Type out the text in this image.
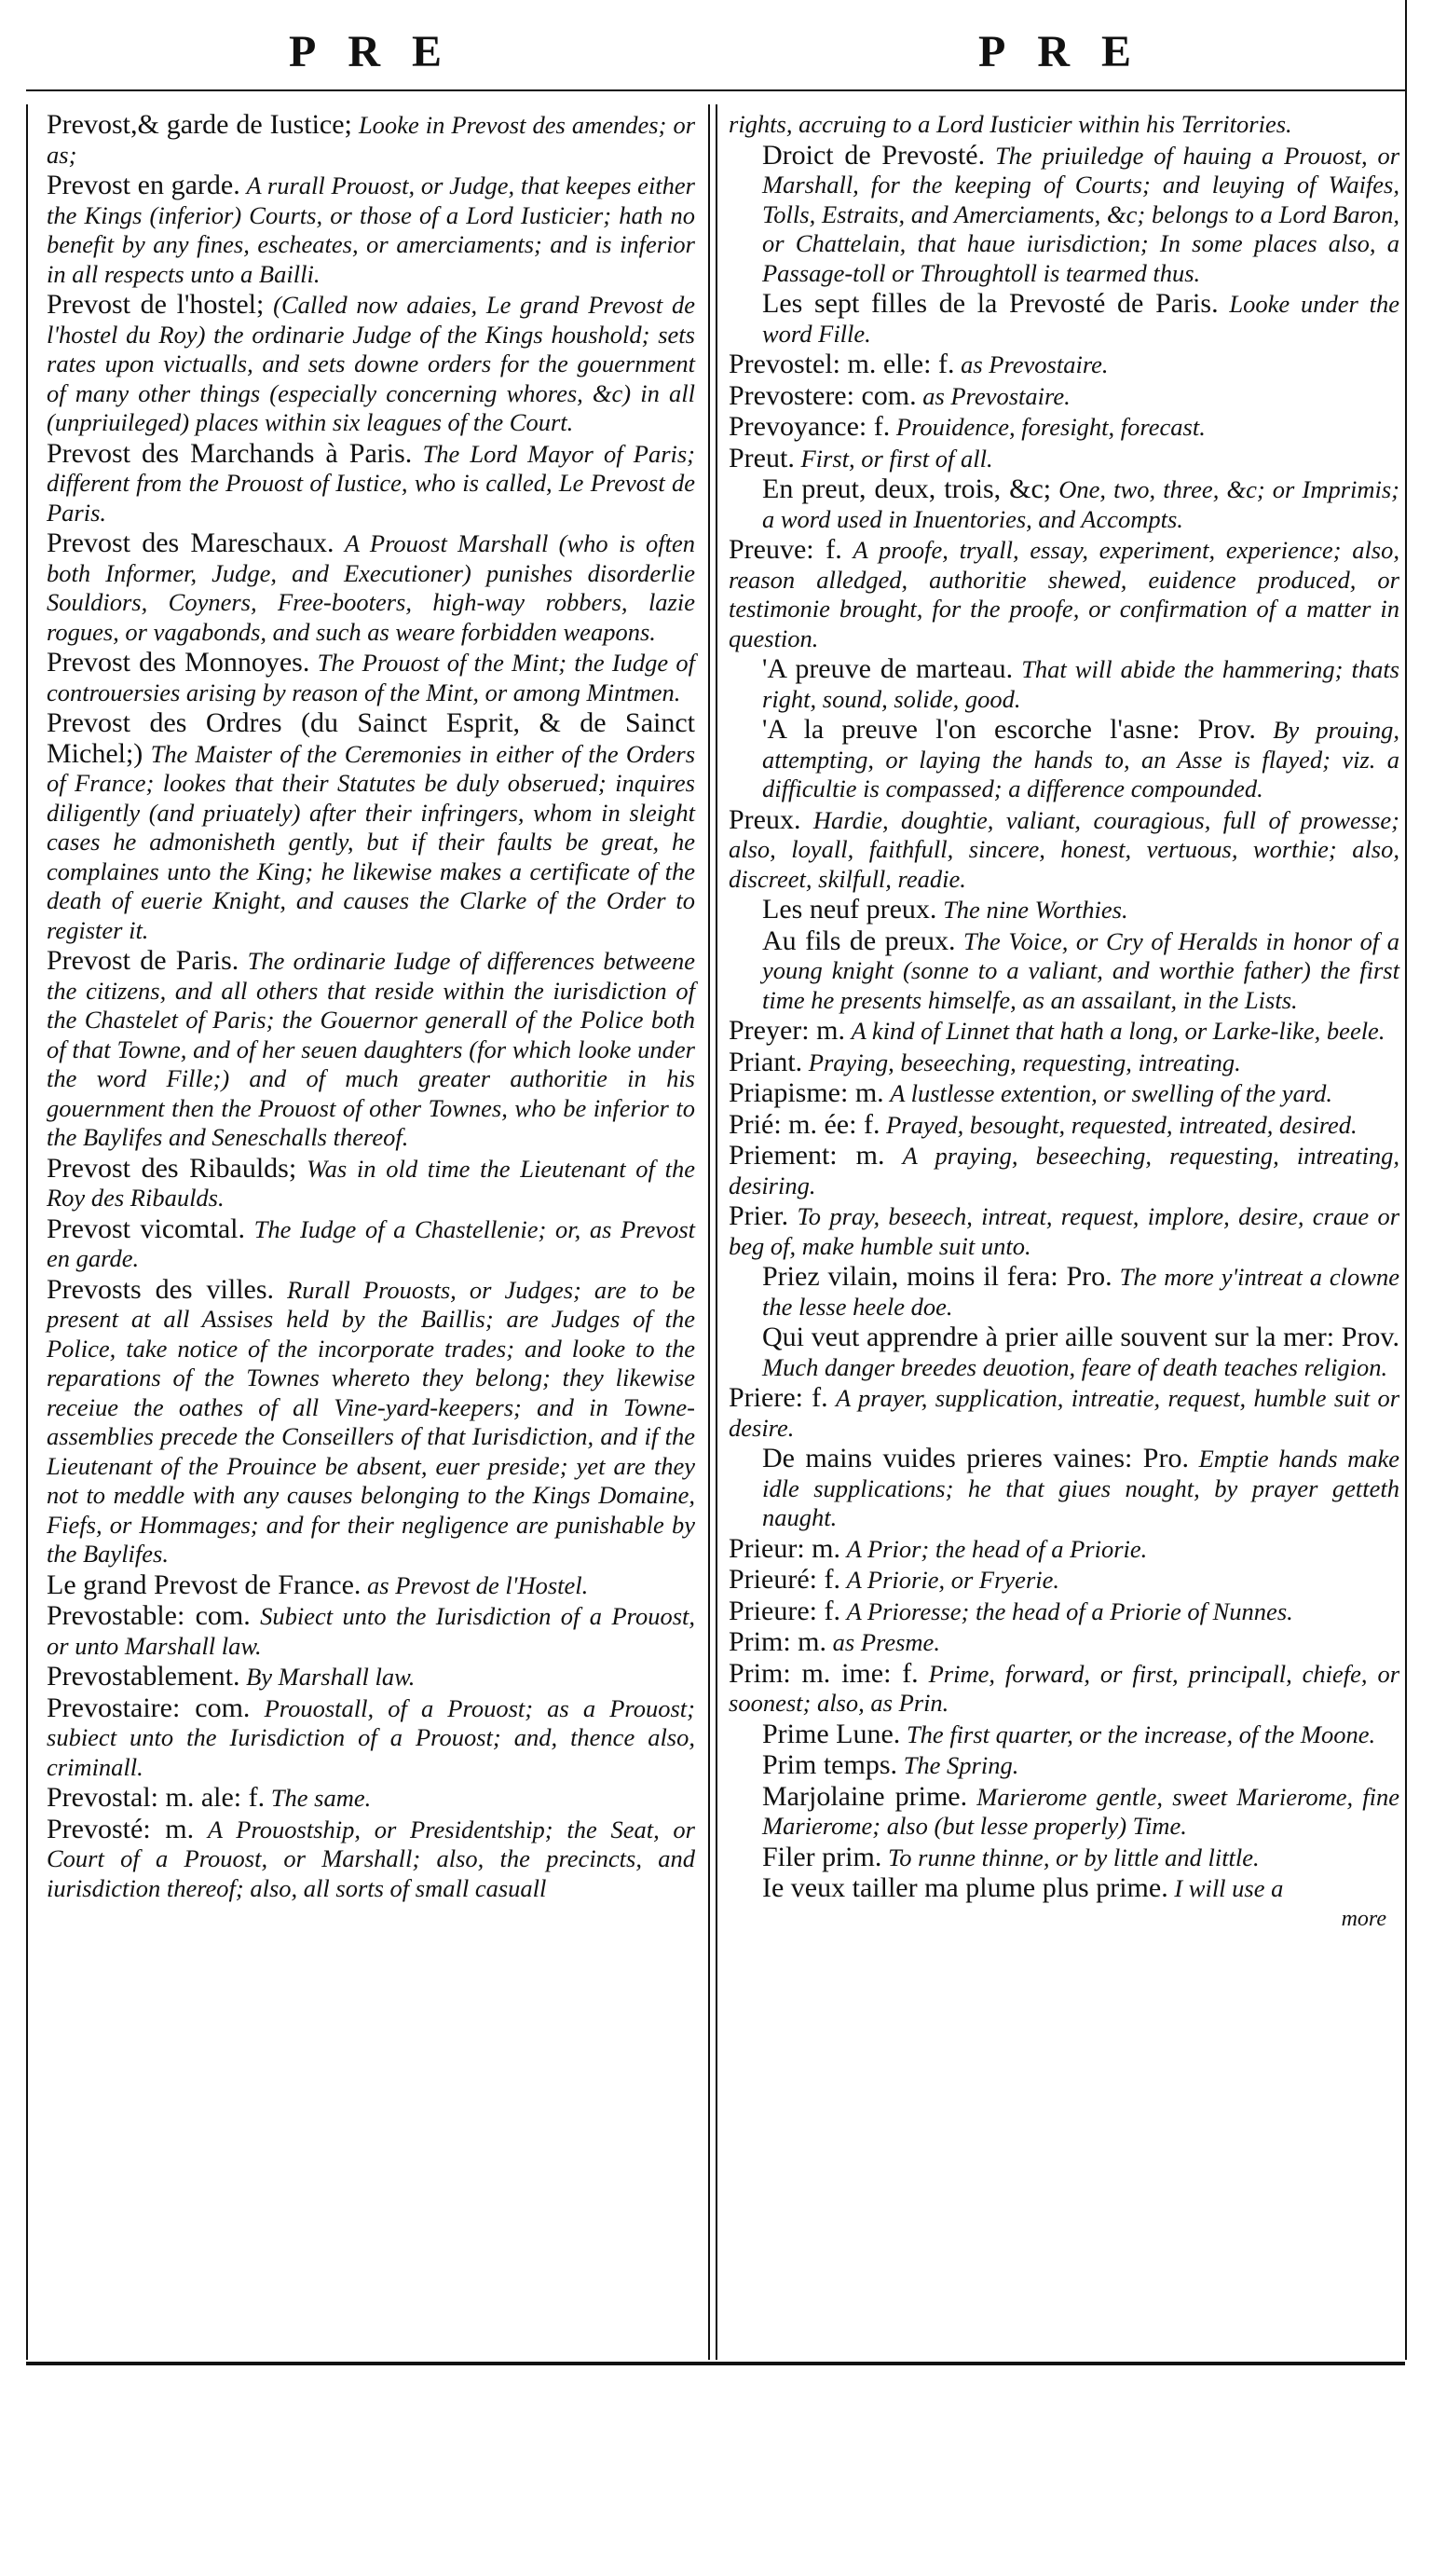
PRE	PRE

Prevost,& garde de Iustice; Looke in Prevost des amendes; or as;

Prevost en garde. A rurall Prouost, or Judge, that keepes either the Kings (inferior) Courts, or those of a Lord Iusticier; hath no benefit by any fines, escheates, or amerciaments; and is inferior in all respects unto a Bailli.

Prevost de l'hostel; (Called now adaies, Le grand Prevost de l'hostel du Roy) the ordinarie Judge of the Kings houshold; sets rates upon victualls, and sets downe orders for the gouernment of many other things (especially concerning whores, &c) in all (unpriuileged) places within six leagues of the Court.

Prevost des Marchands à Paris. The Lord Mayor of Paris; different from the Prouost of Iustice, who is called, Le Prevost de Paris.

Prevost des Mareschaux. A Prouost Marshall (who is often both Informer, Judge, and Executioner) punishes disorderlie Souldiors, Coyners, Free-booters, high-way robbers, lazie rogues, or vagabonds, and such as weare forbidden weapons.

Prevost des Monnoyes. The Prouost of the Mint; the Iudge of controuersies arising by reason of the Mint, or among Mintmen.

Prevost des Ordres (du Sainct Esprit, & de Sainct Michel;) The Maister of the Ceremonies in either of the Orders of France; lookes that their Statutes be duly obserued; inquires diligently (and priuately) after their infringers, whom in sleight cases he admonisheth gently, but if their faults be great, he complaines unto the King; he likewise makes a certificate of the death of euerie Knight, and causes the Clarke of the Order to register it.

Prevost de Paris. The ordinarie Iudge of differences betweene the citizens, and all others that reside within the iurisdiction of the Chastelet of Paris; the Gouernor generall of the Police both of that Towne, and of her seuen daughters (for which looke under the word Fille;) and of much greater authoritie in his gouernment then the Prouost of other Townes, who be inferior to the Baylifes and Seneschalls thereof.

Prevost des Ribaulds; Was in old time the Lieutenant of the Roy des Ribaulds.

Prevost vicomtal. The Iudge of a Chastellenie; or, as Prevost en garde.

Prevosts des villes. Rurall Prouosts, or Judges; are to be present at all Assises held by the Baillis; are Judges of the Police, take notice of the incorporate trades; and looke to the reparations of the Townes whereto they belong; they likewise receiue the oathes of all Vine-yard-keepers; and in Towne-assemblies precede the Conseillers of that Iurisdiction, and if the Lieutenant of the Prouince be absent, euer preside; yet are they not to meddle with any causes belonging to the Kings Domaine, Fiefs, or Hommages; and for their negligence are punishable by the Baylifes.

Le grand Prevost de France. as Prevost de l'Hostel.

Prevostable: com. Subiect unto the Iurisdiction of a Prouost, or unto Marshall law.

Prevostablement. By Marshall law.

Prevostaire: com. Prouostall, of a Prouost; as a Prouost; subiect unto the Iurisdiction of a Prouost; and, thence also, criminall.

Prevostal: m. ale: f. The same.

Prevosté: m. A Prouostship, or Presidentship; the Seat, or Court of a Prouost, or Marshall; also, the precincts, and iurisdiction thereof; also, all sorts of small casuall

rights, accruing to a Lord Iusticier within his Territories.

Droict de Prevosté. The priuiledge of hauing a Prouost, or Marshall, for the keeping of Courts; and leuying of Waifes, Tolls, Estraits, and Amerciaments, &c; belongs to a Lord Baron, or Chattelain, that haue iurisdiction; In some places also, a Passage-toll or Throughtoll is tearmed thus.

Les sept filles de la Prevosté de Paris. Looke under the word Fille.

Prevostel: m. elle: f. as Prevostaire.

Prevostere: com. as Prevostaire.

Prevoyance: f. Prouidence, foresight, forecast.

Preut. First, or first of all.

En preut, deux, trois, &c; One, two, three, &c; or Imprimis; a word used in Inuentories, and Accompts.

Preuve: f. A proofe, tryall, essay, experiment, experience; also, reason alledged, authoritie shewed, euidence produced, or testimonie brought, for the proofe, or confirmation of a matter in question.

'A preuve de marteau. That will abide the hammering; thats right, sound, solide, good.

'A la preuve l'on escorche l'asne: Prov. By prouing, attempting, or laying the hands to, an Asse is flayed; viz. a difficultie is compassed; a difference compounded.

Preux. Hardie, doughtie, valiant, couragious, full of prowesse; also, loyall, faithfull, sincere, honest, vertuous, worthie; also, discreet, skilfull, readie.

Les neuf preux. The nine Worthies.

Au fils de preux. The Voice, or Cry of Heralds in honor of a young knight (sonne to a valiant, and worthie father) the first time he presents himselfe, as an assailant, in the Lists.

Preyer: m. A kind of Linnet that hath a long, or Larke-like, beele.

Priant. Praying, beseeching, requesting, intreating.

Priapisme: m. A lustlesse extention, or swelling of the yard.

Prié: m. ée: f. Prayed, besought, requested, intreated, desired.

Priement: m. A praying, beseeching, requesting, intreating, desiring.

Prier. To pray, beseech, intreat, request, implore, desire, craue or beg of, make humble suit unto.

Priez vilain, moins il fera: Pro. The more y'intreat a clowne the lesse heele doe.

Qui veut apprendre à prier aille souvent sur la mer: Prov. Much danger breedes deuotion, feare of death teaches religion.

Priere: f. A prayer, supplication, intreatie, request, humble suit or desire.

De mains vuides prieres vaines: Pro. Emptie hands make idle supplications; he that giues nought, by prayer getteth naught.

Prieur: m. A Prior; the head of a Priorie.

Prieuré: f. A Priorie, or Fryerie.

Prieure: f. A Prioresse; the head of a Priorie of Nunnes.

Prim: m. as Presme.

Prim: m. ime: f. Prime, forward, or first, principall, chiefe, or soonest; also, as Prin.

Prime Lune. The first quarter, or the increase, of the Moone.

Prim temps. The Spring.

Marjolaine prime. Marierome gentle, sweet Marierome, fine Marierome; also (but lesse properly) Time.

Filer prim. To runne thinne, or by little and little.

Ie veux tailler ma plume plus prime. I will use a

more
